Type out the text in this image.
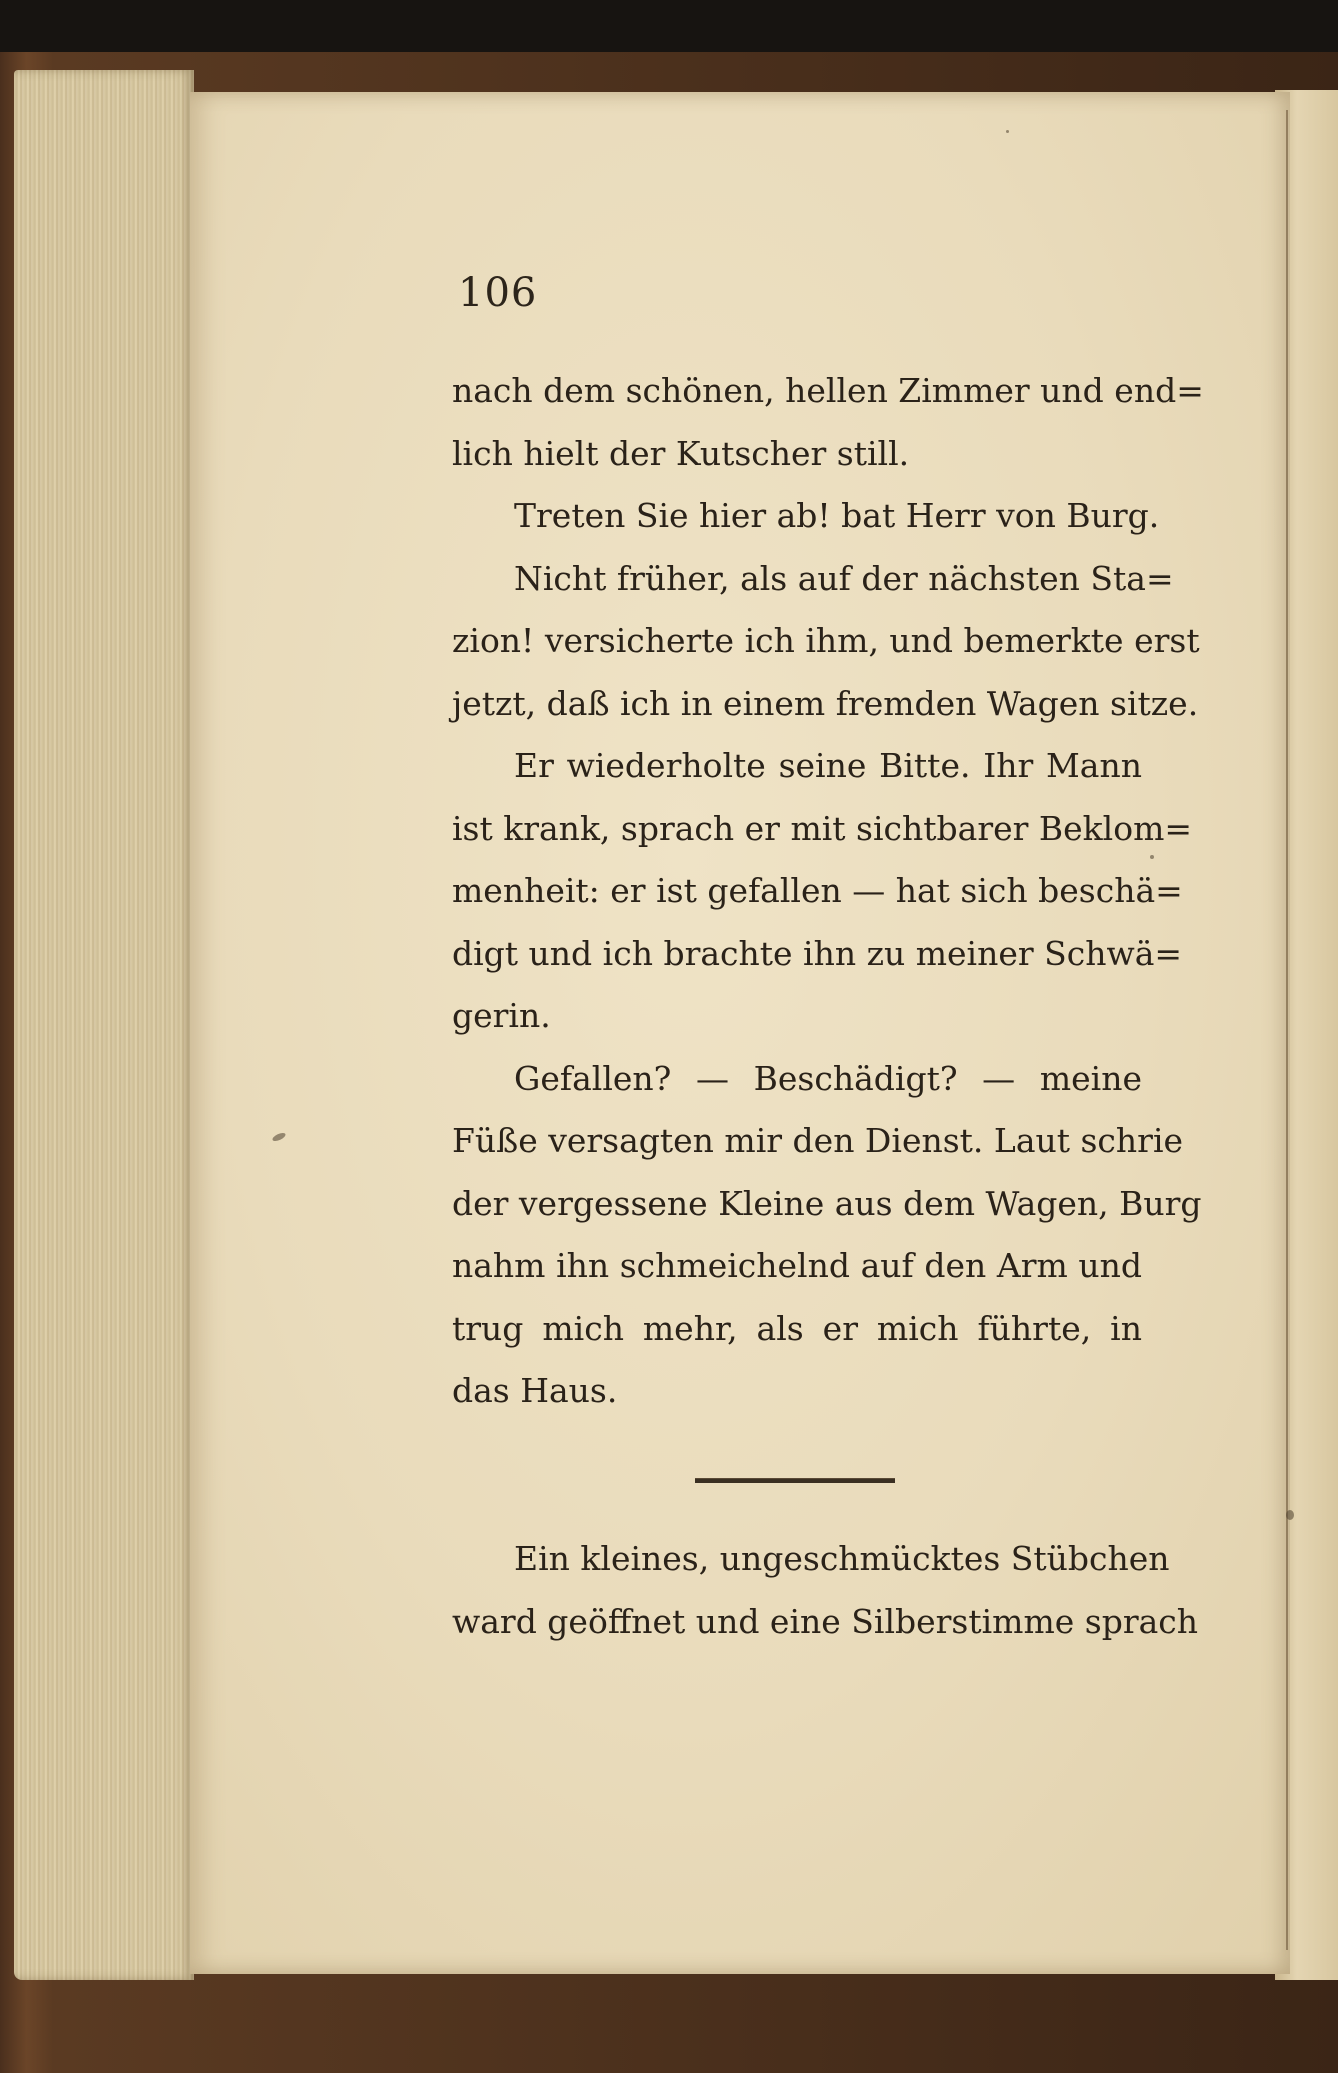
106
nach dem schönen, hellen Zimmer und end=
lich hielt der Kutscher still.
Treten Sie hier ab! bat Herr von Burg.
Nicht früher, als auf der nächsten Sta=
zion! versicherte ich ihm, und bemerkte erst
jetzt, daß ich in einem fremden Wagen sitze.
Er wiederholte seine Bitte. Ihr Mann
ist krank, sprach er mit sichtbarer Beklom=
menheit: er ist gefallen — hat sich beschä=
digt und ich brachte ihn zu meiner Schwä=
gerin.
Gefallen? — Beschädigt? — meine
Füße versagten mir den Dienst. Laut schrie
der vergessene Kleine aus dem Wagen, Burg
nahm ihn schmeichelnd auf den Arm und
trug mich mehr, als er mich führte, in
das Haus.
Ein kleines, ungeschmücktes Stübchen
ward geöffnet und eine Silberstimme sprach
